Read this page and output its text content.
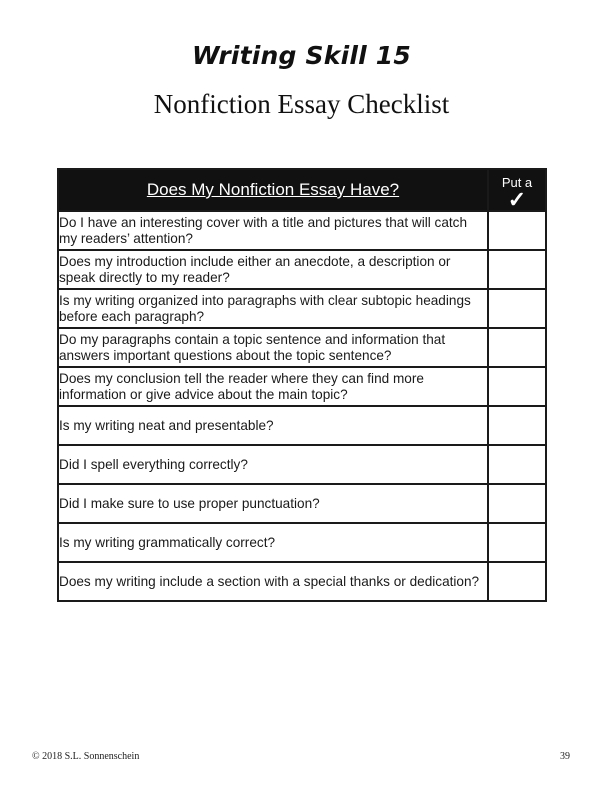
Writing Skill 15
Nonfiction Essay Checklist
Does My Nonfiction Essay Have?	Put a
✓

Do I have an interesting cover with a title and pictures that will catch my readers’ attention?	
Does my introduction include either an anecdote, a description or speak directly to my reader?	
Is my writing organized into paragraphs with clear subtopic headings before each paragraph?	
Do my paragraphs contain a topic sentence and information that answers important questions about the topic sentence?	
Does my conclusion tell the reader where they can find more information or give advice about the main topic?	
Is my writing neat and presentable?	
Did I spell everything correctly?	
Did I make sure to use proper punctuation?	
Is my writing grammatically correct?	
Does my writing include a section with a special thanks or dedication?	
© 2018 S.L. Sonnenschein	39
